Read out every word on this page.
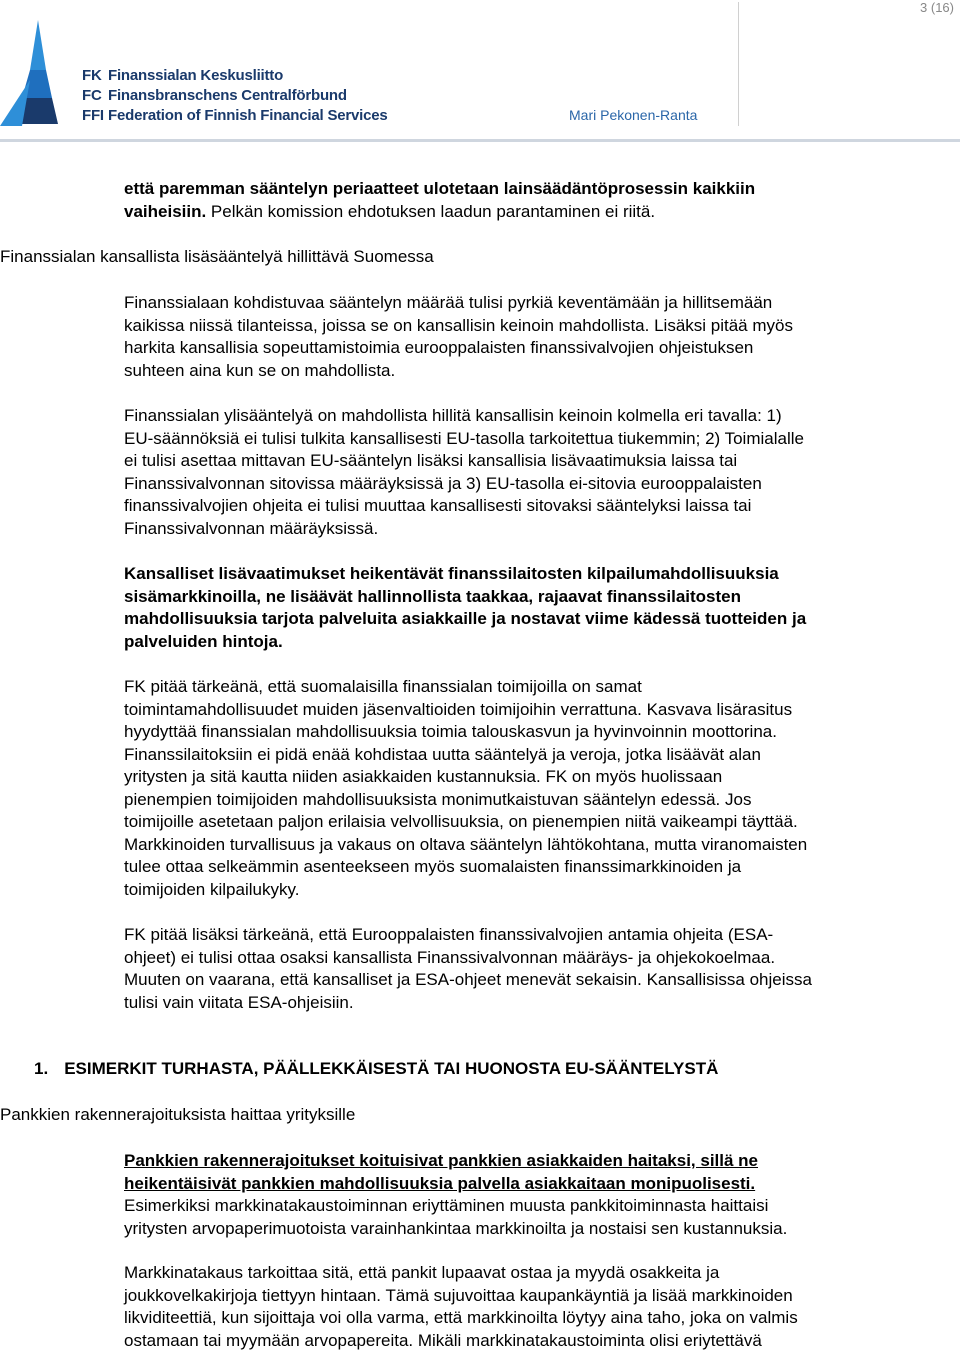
3 (16)
FK Finanssialan Keskusliitto
FC Finansbranschens Centralförbund
FFI Federation of Finnish Financial Services	Mari Pekonen-Ranta
että paremman sääntelyn periaatteet ulotetaan lainsäädäntöprosessin kaikkiin
vaiheisiin. Pelkän komission ehdotuksen laadun parantaminen ei riitä.
Finanssialan kansallista lisäsääntelyä hillittävä Suomessa
Finanssialaan kohdistuvaa sääntelyn määrää tulisi pyrkiä keventämään ja hillitsemään
kaikissa niissä tilanteissa, joissa se on kansallisin keinoin mahdollista. Lisäksi pitää myös
harkita kansallisia sopeuttamistoimia eurooppalaisten finanssivalvojien ohjeistuksen
suhteen aina kun se on mahdollista.
Finanssialan ylisääntelyä on mahdollista hillitä kansallisin keinoin kolmella eri tavalla: 1)
EU-säännöksiä ei tulisi tulkita kansallisesti EU-tasolla tarkoitettua tiukemmin; 2) Toimialalle
ei tulisi asettaa mittavan EU-sääntelyn lisäksi kansallisia lisävaatimuksia laissa tai
Finanssivalvonnan sitovissa määräyksissä ja 3) EU-tasolla ei-sitovia eurooppalaisten
finanssivalvojien ohjeita ei tulisi muuttaa kansallisesti sitovaksi sääntelyksi laissa tai
Finanssivalvonnan määräyksissä.
Kansalliset lisävaatimukset heikentävät finanssilaitosten kilpailumahdollisuuksia
sisämarkkinoilla, ne lisäävät hallinnollista taakkaa, rajaavat finanssilaitosten
mahdollisuuksia tarjota palveluita asiakkaille ja nostavat viime kädessä tuotteiden ja
palveluiden hintoja.
FK pitää tärkeänä, että suomalaisilla finanssialan toimijoilla on samat
toimintamahdollisuudet muiden jäsenvaltioiden toimijoihin verrattuna. Kasvava lisärasitus
hyydyttää finanssialan mahdollisuuksia toimia talouskasvun ja hyvinvoinnin moottorina.
Finanssilaitoksiin ei pidä enää kohdistaa uutta sääntelyä ja veroja, jotka lisäävät alan
yritysten ja sitä kautta niiden asiakkaiden kustannuksia. FK on myös huolissaan
pienempien toimijoiden mahdollisuuksista monimutkaistuvan sääntelyn edessä. Jos
toimijoille asetetaan paljon erilaisia velvollisuuksia, on pienempien niitä vaikeampi täyttää.
Markkinoiden turvallisuus ja vakaus on oltava sääntelyn lähtökohtana, mutta viranomaisten
tulee ottaa selkeämmin asenteekseen myös suomalaisten finanssimarkkinoiden ja
toimijoiden kilpailukyky.
FK pitää lisäksi tärkeänä, että Eurooppalaisten finanssivalvojien antamia ohjeita (ESA-
ohjeet) ei tulisi ottaa osaksi kansallista Finanssivalvonnan määräys- ja ohjekokoelmaa.
Muuten on vaarana, että kansalliset ja ESA-ohjeet menevät sekaisin. Kansallisissa ohjeissa
tulisi vain viitata ESA-ohjeisiin.
1. ESIMERKIT TURHASTA, PÄÄLLEKKÄISESTÄ TAI HUONOSTA EU-SÄÄNTELYSTÄ
Pankkien rakennerajoituksista haittaa yrityksille
Pankkien rakennerajoitukset koituisivat pankkien asiakkaiden haitaksi, sillä ne
heikentäisivät pankkien mahdollisuuksia palvella asiakkaitaan monipuolisesti.
Esimerkiksi markkinatakaustoiminnan eriyttäminen muusta pankkitoiminnasta haittaisi
yritysten arvopaperimuotoista varainhankintaa markkinoilta ja nostaisi sen kustannuksia.
Markkinatakaus tarkoittaa sitä, että pankit lupaavat ostaa ja myydä osakkeita ja
joukkovelkakirjoja tiettyyn hintaan. Tämä sujuvoittaa kaupankäyntiä ja lisää markkinoiden
likviditeettiä, kun sijoittaja voi olla varma, että markkinoilta löytyy aina taho, joka on valmis
ostamaan tai myymään arvopapereita. Mikäli markkinatakaustoiminta olisi eriytettävä
